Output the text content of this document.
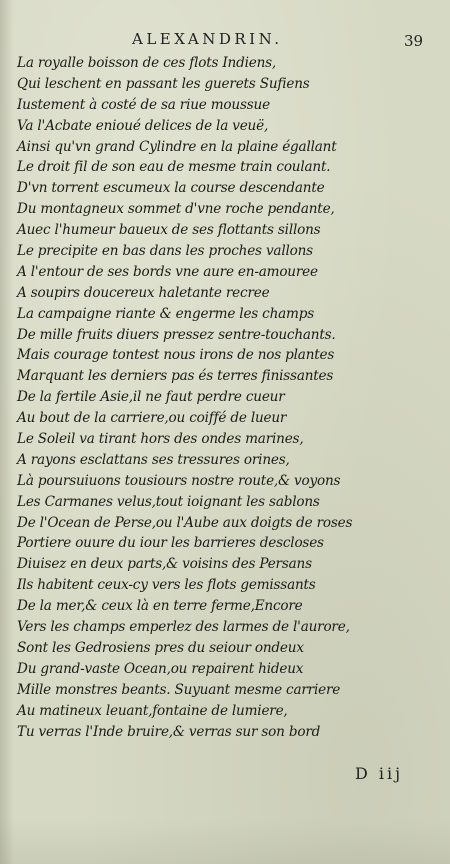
ALEXANDRIN.	39
La royalle boisson de ces flots Indiens,
Qui leschent en passant les guerets Sufiens
Iustement à costé de sa riue moussue
Va l'Acbate enioué delices de la veuë,
Ainsi qu'vn grand Cylindre en la plaine égallant
Le droit fil de son eau de mesme train coulant.
D'vn torrent escumeux la course descendante
Du montagneux sommet d'vne roche pendante,
Auec l'humeur baueux de ses flottants sillons
Le precipite en bas dans les proches vallons
A l'entour de ses bords vne aure en-amouree
A soupirs doucereux haletante recree
La campaigne riante & engerme les champs
De mille fruits diuers pressez sentre-touchants.
Mais courage tontest nous irons de nos plantes
Marquant les derniers pas és terres finissantes
De la fertile Asie,il ne faut perdre cueur
Au bout de la carriere,ou coiffé de lueur
Le Soleil va tirant hors des ondes marines,
A rayons esclattans ses tressures orines,
Là poursuiuons tousiours nostre route,& voyons
Les Carmanes velus,tout ioignant les sablons
De l'Ocean de Perse,ou l'Aube aux doigts de roses
Portiere ouure du iour les barrieres descloses
Diuisez en deux parts,& voisins des Persans
Ils habitent ceux-cy vers les flots gemissants
De la mer,& ceux là en terre ferme,Encore
Vers les champs emperlez des larmes de l'aurore,
Sont les Gedrosiens pres du seiour ondeux
Du grand-vaste Ocean,ou repairent hideux
Mille monstres beants. Suyuant mesme carriere
Au matineux leuant,fontaine de lumiere,
Tu verras l'Inde bruire,& verras sur son bord
D iij
